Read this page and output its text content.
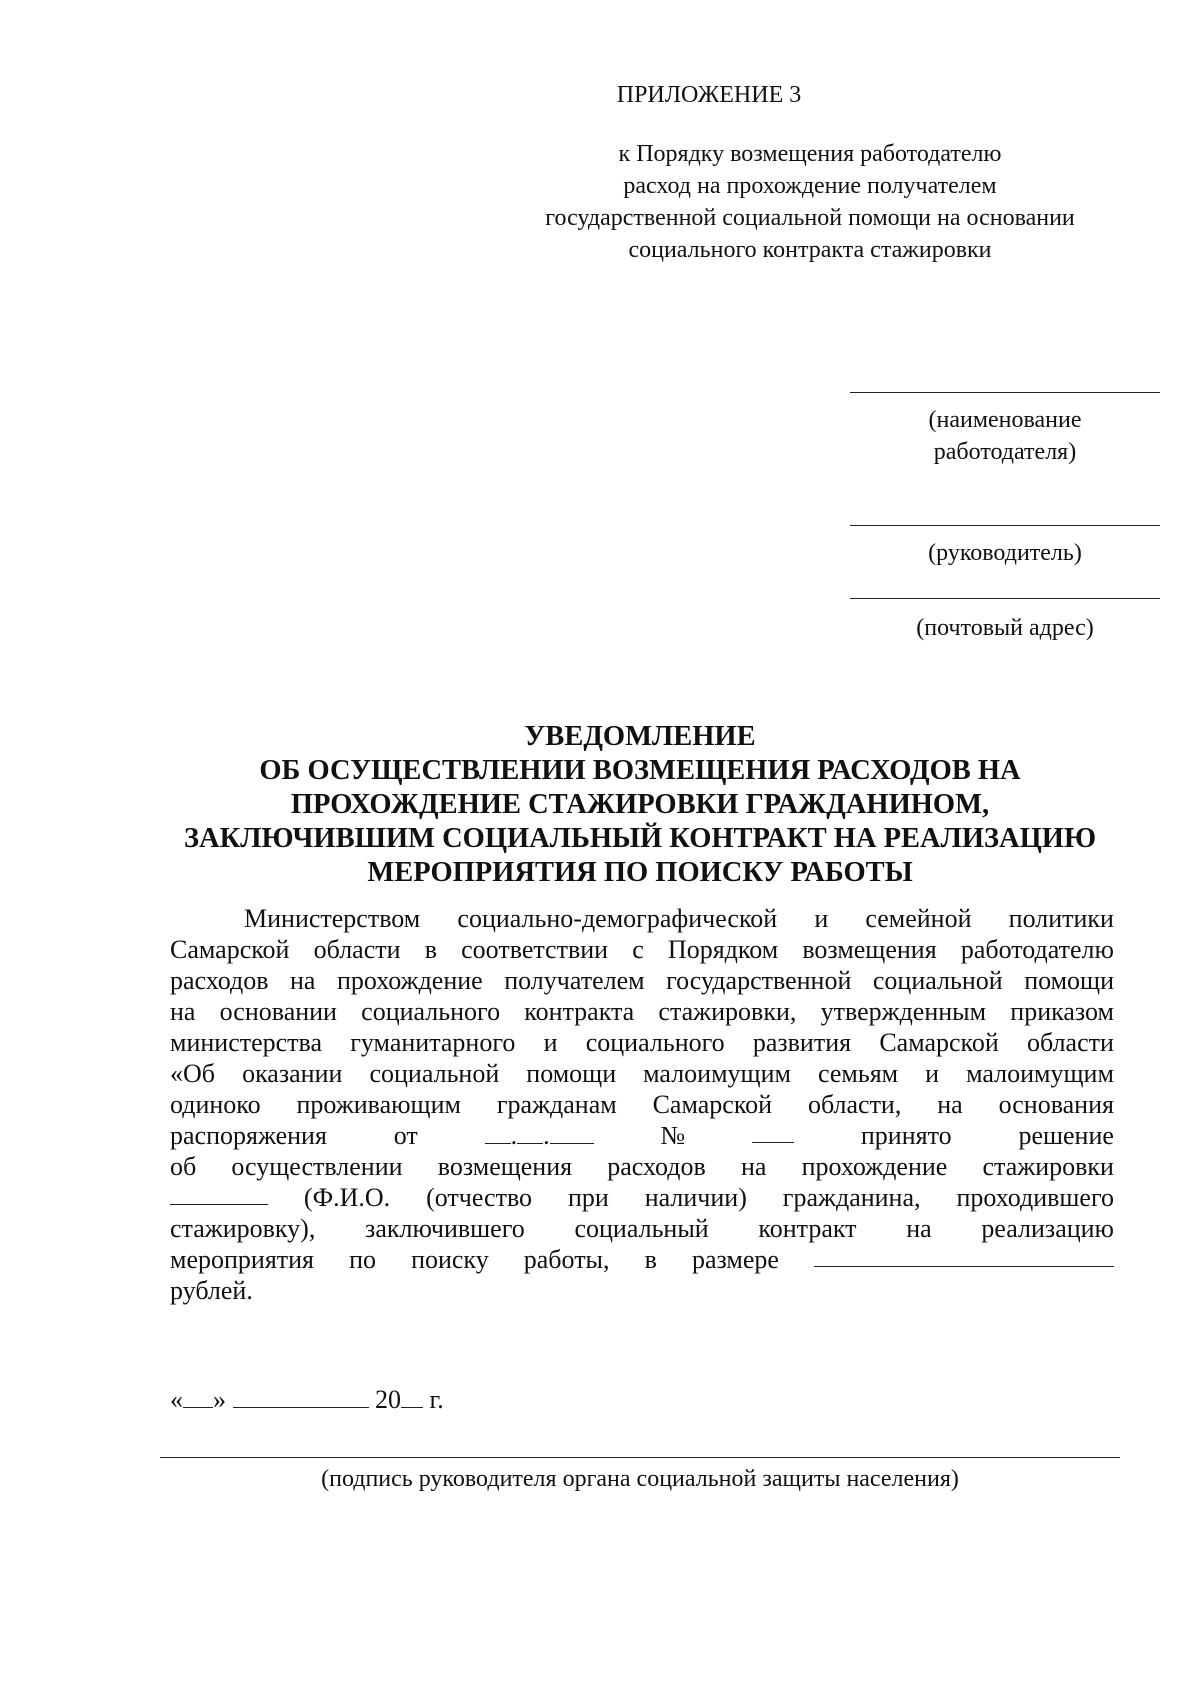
ПРИЛОЖЕНИЕ 3
к Порядку возмещения работодателю
расход на прохождение получателем
государственной социальной помощи на основании
социального контракта стажировки
(наименование
работодателя)
(руководитель)
(почтовый адрес)
УВЕДОМЛЕНИЕ
ОБ ОСУЩЕСТВЛЕНИИ ВОЗМЕЩЕНИЯ РАСХОДОВ НА
ПРОХОЖДЕНИЕ СТАЖИРОВКИ ГРАЖДАНИНОМ,
ЗАКЛЮЧИВШИМ СОЦИАЛЬНЫЙ КОНТРАКТ НА РЕАЛИЗАЦИЮ
МЕРОПРИЯТИЯ ПО ПОИСКУ РАБОТЫ
Министерством социально-демографической и семейной политики
Самарской области в соответствии с Порядком возмещения работодателю
расходов на прохождение получателем государственной социальной помощи
на основании социального контракта стажировки, утвержденным приказом
министерства гуманитарного и социального развития Самарской области
«Об оказании социальной помощи малоимущим семьям и малоимущим
одиноко проживающим гражданам Самарской области, на основания
распоряжения	от	. .	№	принято	решение
об осуществлении возмещения расходов на прохождение стажировки
(Ф.И.О. (отчество при наличии) гражданина, проходившего
стажировку), заключившего социальный контракт на реализацию
мероприятия по поиску работы, в размере
рублей.
« »	20 г.
(подпись руководителя органа социальной защиты населения)
